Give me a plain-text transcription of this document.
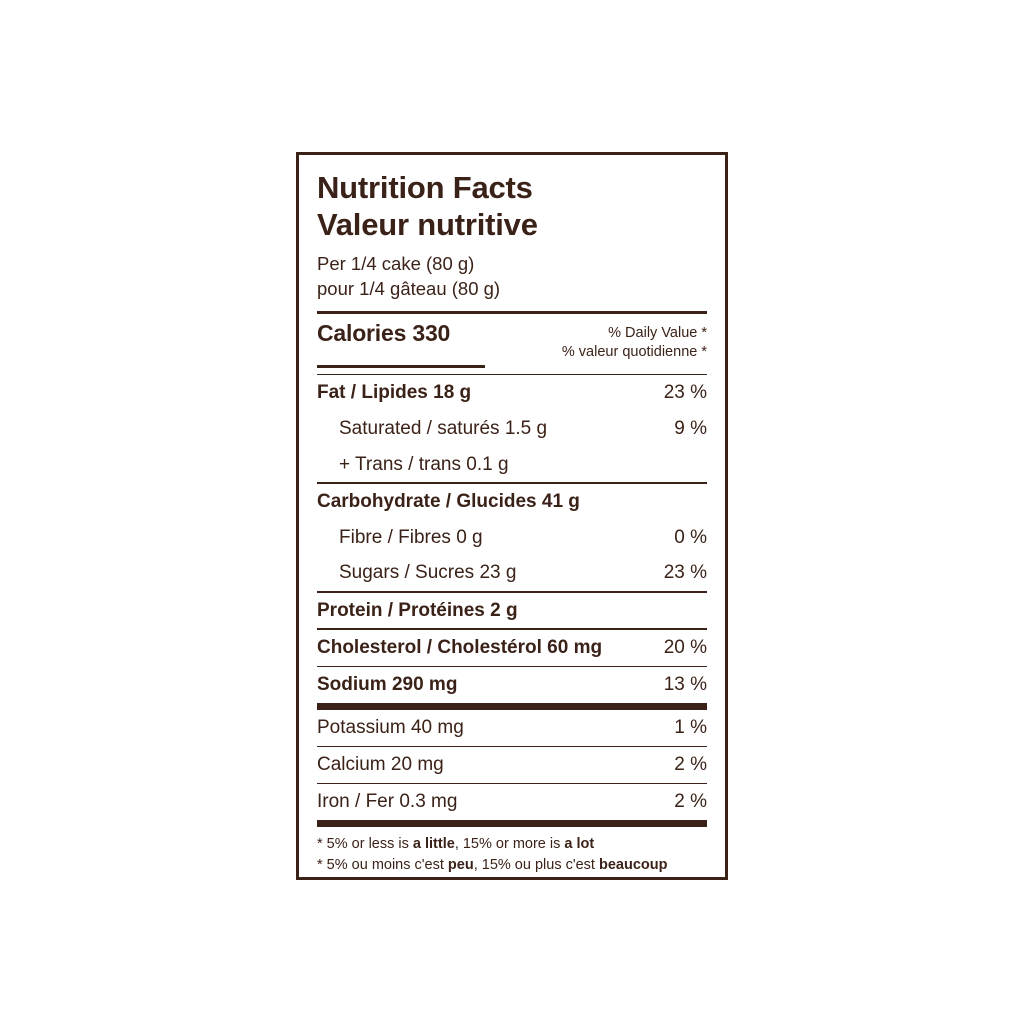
Nutrition Facts
Valeur nutritive
Per 1/4 cake (80 g)
pour 1/4 gâteau (80 g)
Calories 330	% Daily Value *
% valeur quotidienne *
Fat / Lipides 18 g	23 %
Saturated / saturés 1.5 g	9 %
+ Trans / trans 0.1 g
Carbohydrate / Glucides 41 g
Fibre / Fibres 0 g	0 %
Sugars / Sucres 23 g	23 %
Protein / Protéines 2 g
Cholesterol / Cholestérol 60 mg	20 %
Sodium 290 mg	13 %
Potassium 40 mg	1 %
Calcium 20 mg	2 %
Iron / Fer 0.3 mg	2 %
* 5% or less is a little, 15% or more is a lot
* 5% ou moins c'est peu, 15% ou plus c'est beaucoup
